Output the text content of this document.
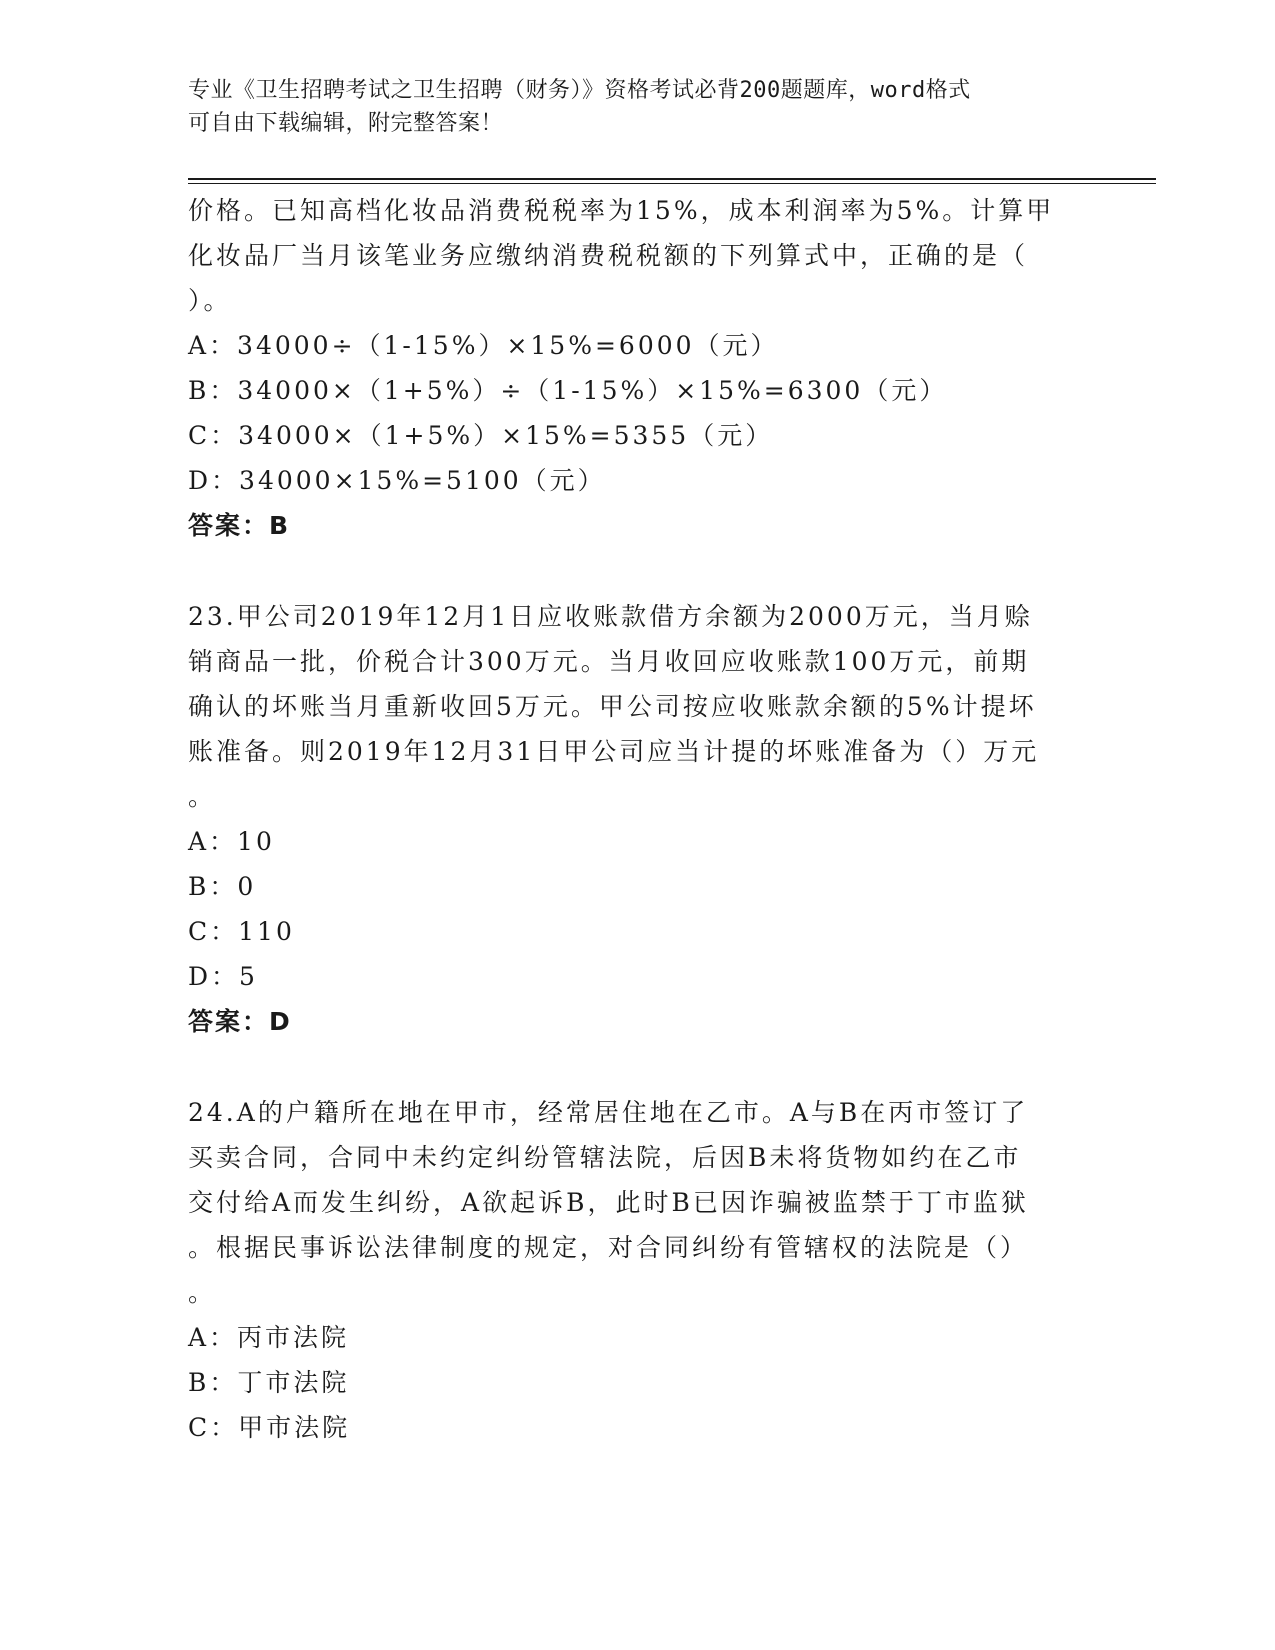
专业《卫生招聘考试之卫生招聘（财务）》资格考试必背200题题库，word格式
可自由下载编辑，附完整答案！

价格。已知高档化妆品消费税税率为15%，成本利润率为5%。计算甲

化妆品厂当月该笔业务应缴纳消费税税额的下列算式中，正确的是（

）。

A：34000÷（1-15%）×15%=6000（元）

B：34000×（1+5%）÷（1-15%）×15%=6300（元）

C：34000×（1+5%）×15%=5355（元）

D：34000×15%=5100（元）

答案：B

23.甲公司2019年12月1日应收账款借方余额为2000万元，当月赊

销商品一批，价税合计300万元。当月收回应收账款100万元，前期

确认的坏账当月重新收回5万元。甲公司按应收账款余额的5%计提坏

账准备。则2019年12月31日甲公司应当计提的坏账准备为（）万元

。

A：10

B：0

C：110

D：5

答案：D

24.A的户籍所在地在甲市，经常居住地在乙市。A与B在丙市签订了

买卖合同，合同中未约定纠纷管辖法院，后因B未将货物如约在乙市

交付给A而发生纠纷，A欲起诉B，此时B已因诈骗被监禁于丁市监狱

。根据民事诉讼法律制度的规定，对合同纠纷有管辖权的法院是（）

。

A：丙市法院

B：丁市法院

C：甲市法院
